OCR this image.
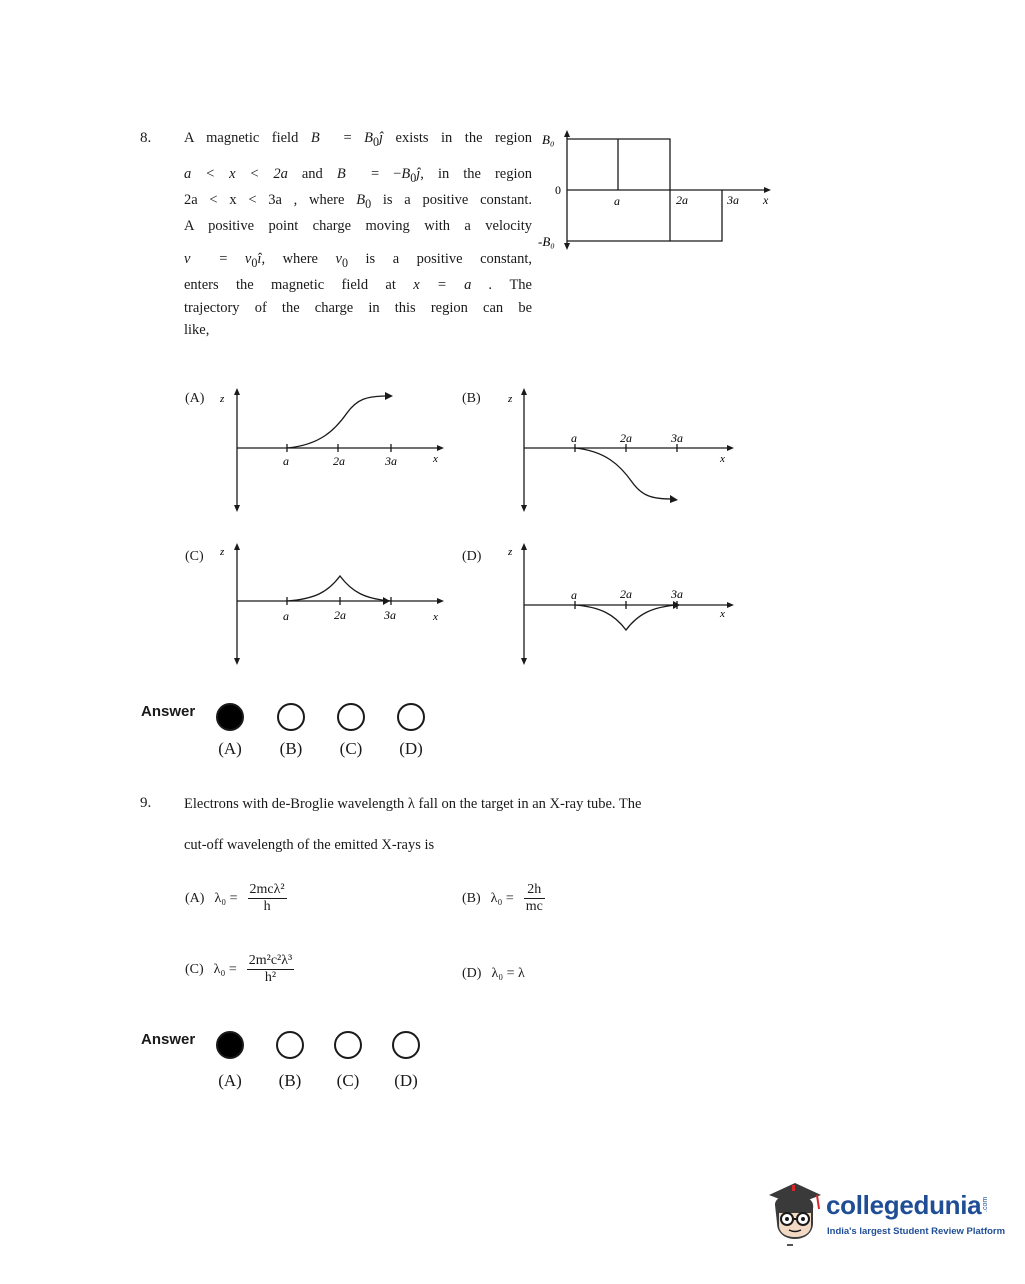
8. A magnetic field B⃗ = $B_0ĵ$ exists in the region
a < x < 2a and B⃗ = $-B_0ĵ$, in the region
2a < x < 3a , where $B_0$ is a positive constant.
A positive point charge moving with a velocity
v⃗ = $v_0î$, where $v_0$ is a positive constant,
enters the magnetic field at x = a . The
trajectory of the charge in this region can be
like,
B₀
0
-B₀
a	2a	3a x
(A) z
a	2a	3a	x
(B) z
a	2a	3a
x
(C) z
a	2a	3a	x
(D) z
a	2a	3a
x
Answer
(A)	(B)	(C)	(D)
9. Electrons with de-Broglie wavelength λ fall on the target in an X-ray tube. The
cut-off wavelength of the emitted X-rays is
(A) $\lambda_0 = \frac{\text{2mcλ²}}{h}$	(B) $\lambda_0 = \frac{2h}{mc}$
(C) $\lambda_0 = \frac{\text{2m²c²λ³}}{\text{h²}}$	(D) λ₀ = λ
Answer
(A)	(B)	(C)	(D)
collegedunia .com
India's largest Student Review Platform
